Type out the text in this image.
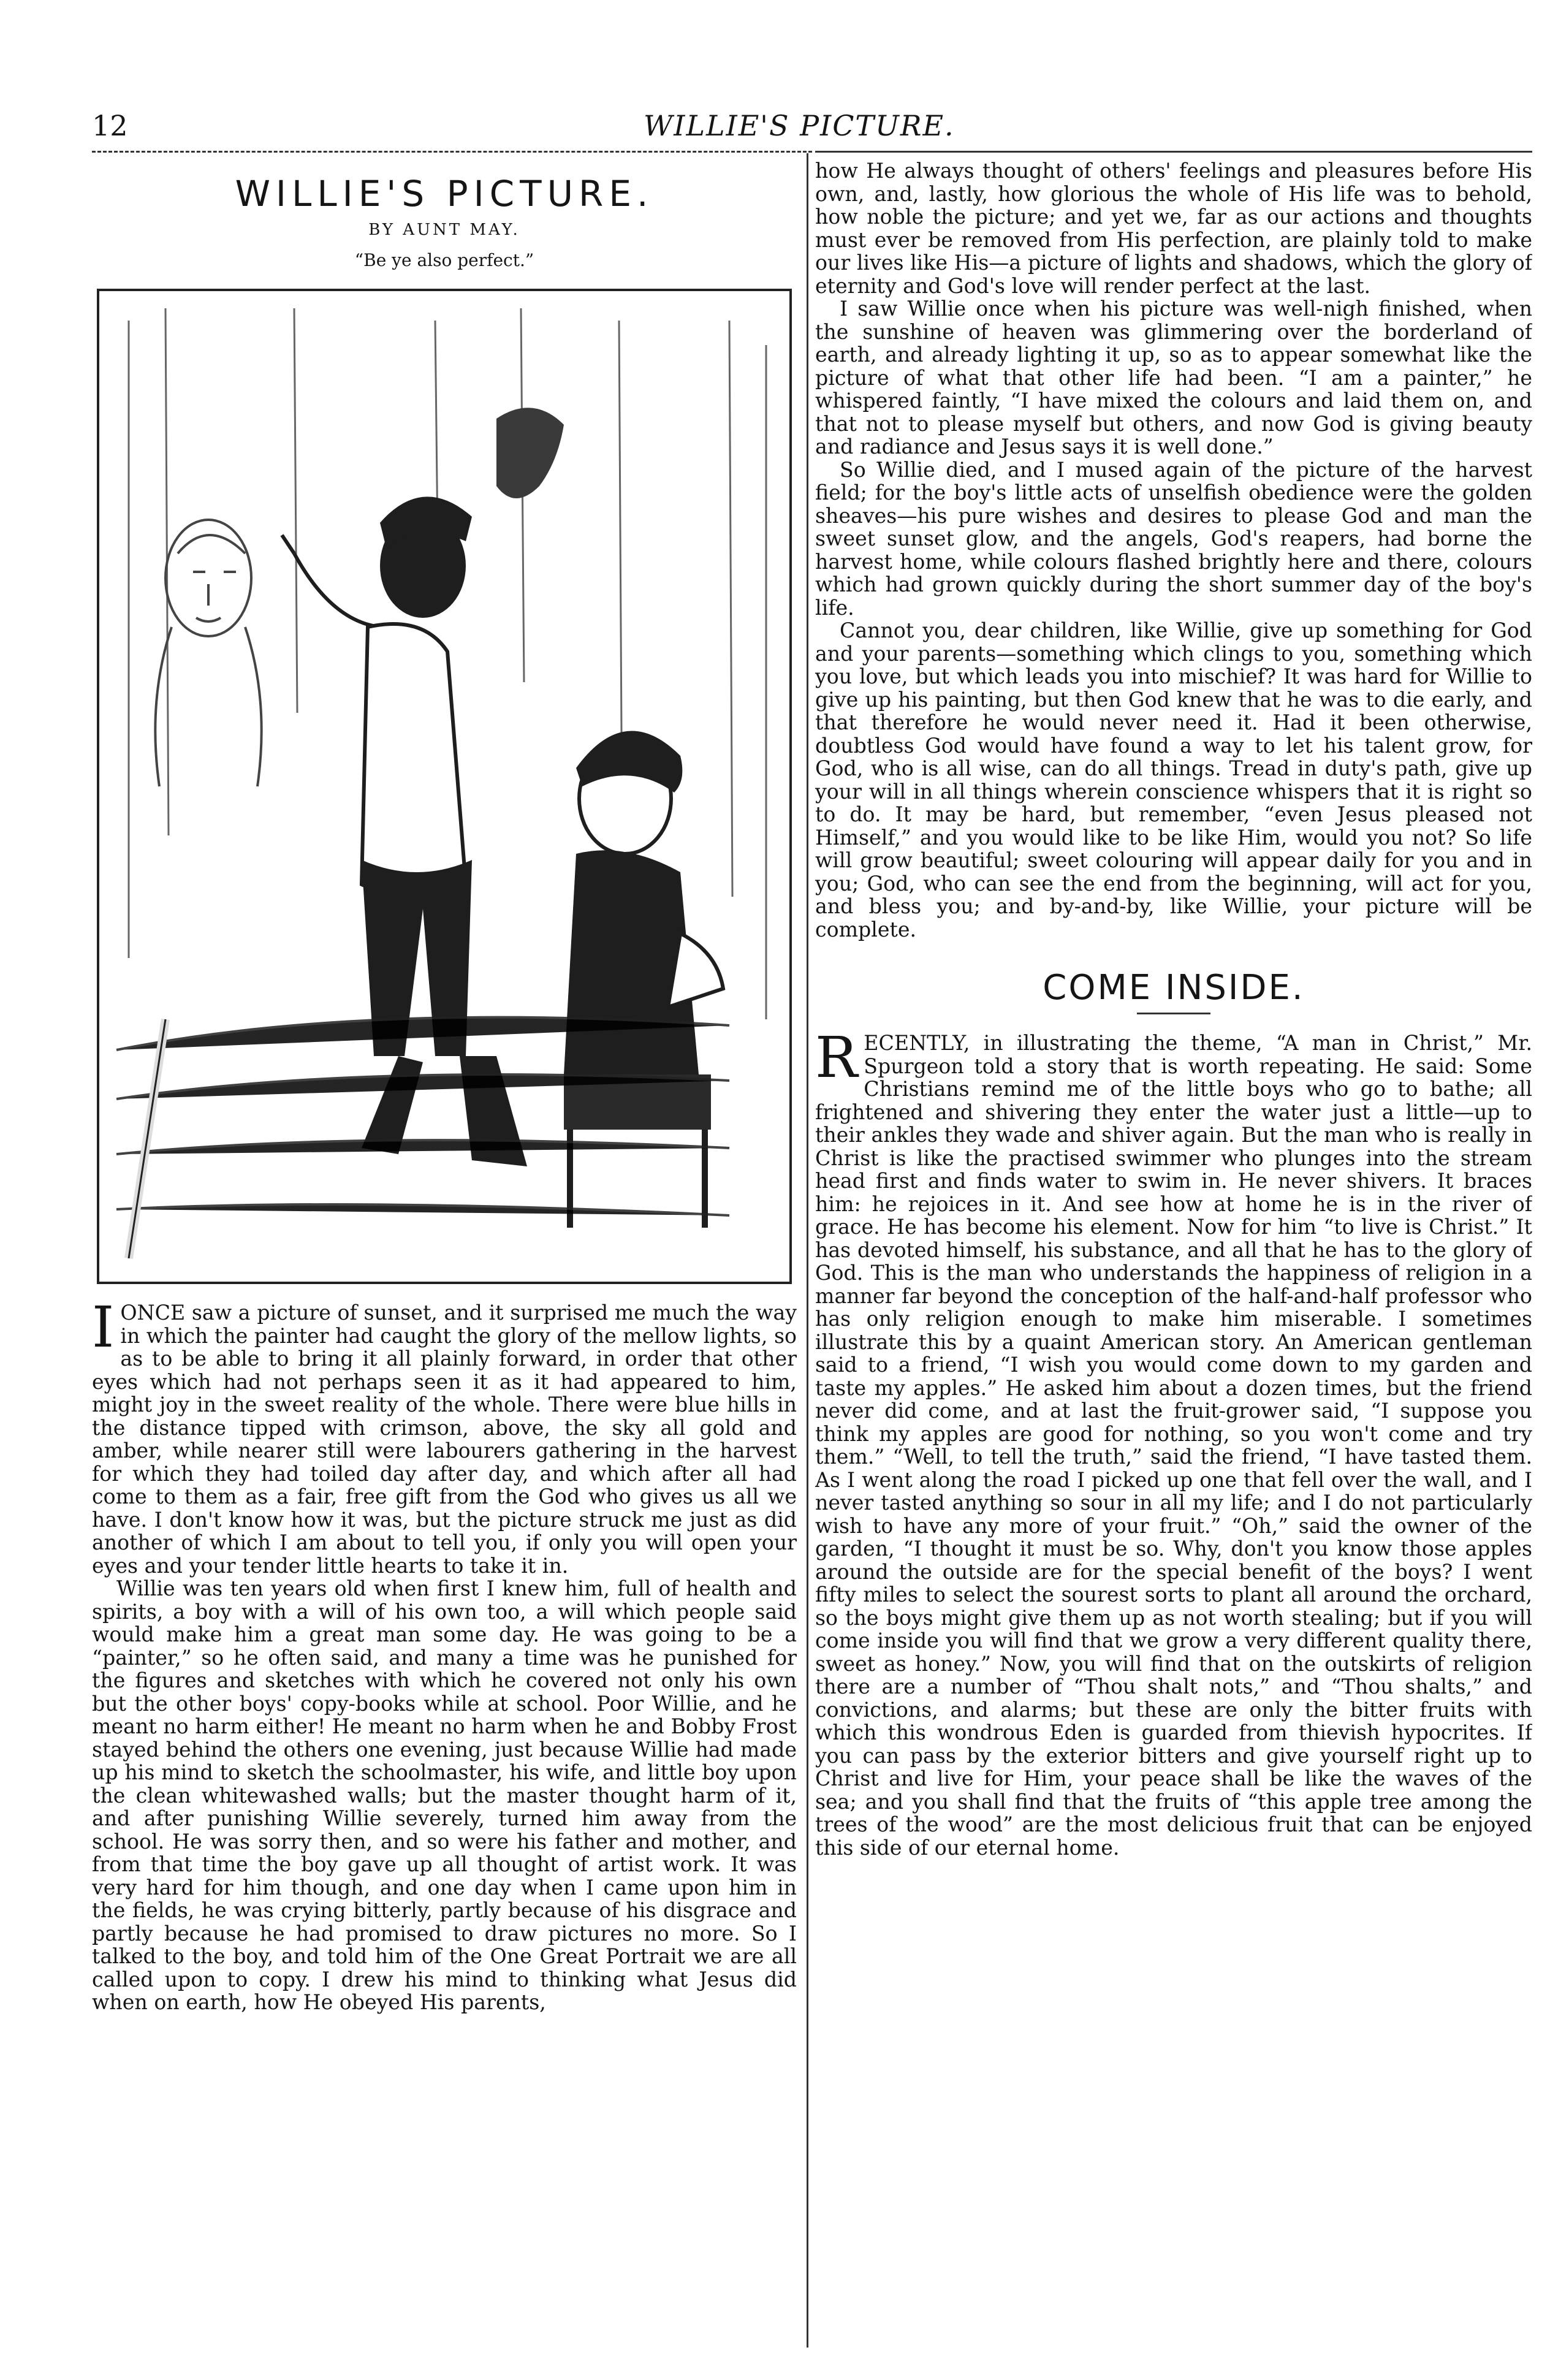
12	WILLIE'S PICTURE.
WILLIE'S PICTURE.
BY AUNT MAY.
“Be ye also perfect.”

IONCE saw a picture of sunset, and it surprised me much the way in which the painter had caught the glory of the mellow lights, so as to be able to bring it all plainly forward, in order that other eyes which had not perhaps seen it as it had appeared to him, might joy in the sweet reality of the whole. There were blue hills in the distance tipped with crimson, above, the sky all gold and amber, while nearer still were labourers gathering in the harvest for which they had toiled day after day, and which after all had come to them as a fair, free gift from the God who gives us all we have. I don't know how it was, but the picture struck me just as did another of which I am about to tell you, if only you will open your eyes and your tender little hearts to take it in.

Willie was ten years old when first I knew him, full of health and spirits, a boy with a will of his own too, a will which people said would make him a great man some day. He was going to be a “painter,” so he often said, and many a time was he punished for the figures and sketches with which he covered not only his own but the other boys' copy-books while at school. Poor Willie, and he meant no harm either! He meant no harm when he and Bobby Frost stayed behind the others one evening, just because Willie had made up his mind to sketch the schoolmaster, his wife, and little boy upon the clean whitewashed walls; but the master thought harm of it, and after punishing Willie severely, turned him away from the school. He was sorry then, and so were his father and mother, and from that time the boy gave up all thought of artist work. It was very hard for him though, and one day when I came upon him in the fields, he was crying bitterly, partly because of his disgrace and partly because he had promised to draw pictures no more. So I talked to the boy, and told him of the One Great Portrait we are all called upon to copy. I drew his mind to thinking what Jesus did when on earth, how He obeyed His parents,

how He always thought of others' feelings and pleasures before His own, and, lastly, how glorious the whole of His life was to behold, how noble the picture; and yet we, far as our actions and thoughts must ever be removed from His perfection, are plainly told to make our lives like His—a picture of lights and shadows, which the glory of eternity and God's love will render perfect at the last.

I saw Willie once when his picture was well-nigh finished, when the sunshine of heaven was glimmering over the borderland of earth, and already lighting it up, so as to appear somewhat like the picture of what that other life had been. “I am a painter,” he whispered faintly, “I have mixed the colours and laid them on, and that not to please myself but others, and now God is giving beauty and radiance and Jesus says it is well done.”

So Willie died, and I mused again of the picture of the harvest field; for the boy's little acts of unselfish obedience were the golden sheaves—his pure wishes and desires to please God and man the sweet sunset glow, and the angels, God's reapers, had borne the harvest home, while colours flashed brightly here and there, colours which had grown quickly during the short summer day of the boy's life.

Cannot you, dear children, like Willie, give up something for God and your parents—something which clings to you, something which you love, but which leads you into mischief? It was hard for Willie to give up his painting, but then God knew that he was to die early, and that therefore he would never need it. Had it been otherwise, doubtless God would have found a way to let his talent grow, for God, who is all wise, can do all things. Tread in duty's path, give up your will in all things wherein conscience whispers that it is right so to do. It may be hard, but remember, “even Jesus pleased not Himself,” and you would like to be like Him, would you not? So life will grow beautiful; sweet colouring will appear daily for you and in you; God, who can see the end from the beginning, will act for you, and bless you; and by-and-by, like Willie, your picture will be complete.

COME INSIDE.

RECENTLY, in illustrating the theme, “A man in Christ,” Mr. Spurgeon told a story that is worth repeating. He said: Some Christians remind me of the little boys who go to bathe; all frightened and shivering they enter the water just a little—up to their ankles they wade and shiver again. But the man who is really in Christ is like the practised swimmer who plunges into the stream head first and finds water to swim in. He never shivers. It braces him: he rejoices in it. And see how at home he is in the river of grace. He has become his element. Now for him “to live is Christ.” It has devoted himself, his substance, and all that he has to the glory of God. This is the man who understands the happiness of religion in a manner far beyond the conception of the half-and-half professor who has only religion enough to make him miserable. I sometimes illustrate this by a quaint American story. An American gentleman said to a friend, “I wish you would come down to my garden and taste my apples.” He asked him about a dozen times, but the friend never did come, and at last the fruit-grower said, “I suppose you think my apples are good for nothing, so you won't come and try them.” “Well, to tell the truth,” said the friend, “I have tasted them. As I went along the road I picked up one that fell over the wall, and I never tasted anything so sour in all my life; and I do not particularly wish to have any more of your fruit.” “Oh,” said the owner of the garden, “I thought it must be so. Why, don't you know those apples around the outside are for the special benefit of the boys? I went fifty miles to select the sourest sorts to plant all around the orchard, so the boys might give them up as not worth stealing; but if you will come inside you will find that we grow a very different quality there, sweet as honey.” Now, you will find that on the outskirts of religion there are a number of “Thou shalt nots,” and “Thou shalts,” and convictions, and alarms; but these are only the bitter fruits with which this wondrous Eden is guarded from thievish hypocrites. If you can pass by the exterior bitters and give yourself right up to Christ and live for Him, your peace shall be like the waves of the sea; and you shall find that the fruits of “this apple tree among the trees of the wood” are the most delicious fruit that can be enjoyed this side of our eternal home.
